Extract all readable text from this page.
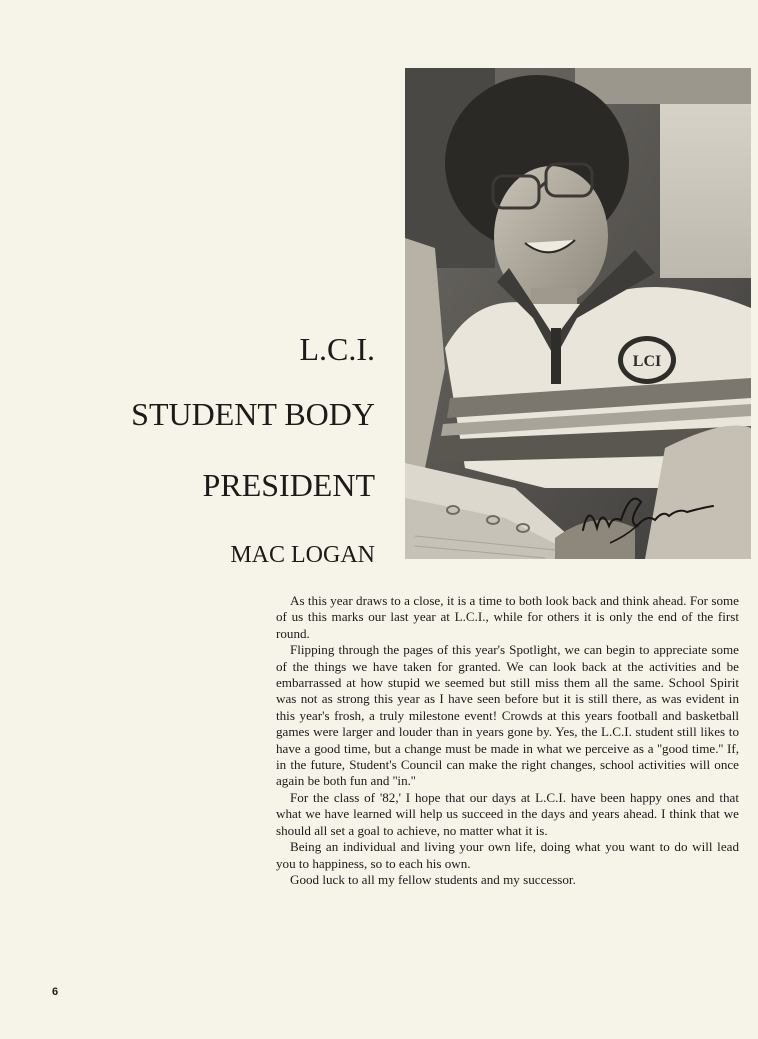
L.C.I.
STUDENT BODY
PRESIDENT
MAC LOGAN
LCI

As this year draws to a close, it is a time to both look back and think ahead. For some of us this marks our last year at L.C.I., while for others it is only the end of the first round.

Flipping through the pages of this year's Spotlight, we can begin to appreciate some of the things we have taken for granted. We can look back at the activities and be embarrassed at how stupid we seemed but still miss them all the same. School Spirit was not as strong this year as I have seen before but it is still there, as was evident in this year's frosh, a truly milestone event! Crowds at this years football and basketball games were larger and louder than in years gone by. Yes, the L.C.I. student still likes to have a good time, but a change must be made in what we perceive as a ''good time.'' If, in the future, Student's Council can make the right changes, school activities will once again be both fun and ''in.''

For the class of '82,' I hope that our days at L.C.I. have been happy ones and that what we have learned will help us succeed in the days and years ahead. I think that we should all set a goal to achieve, no matter what it is.

Being an individual and living your own life, doing what you want to do will lead you to happiness, so to each his own.

Good luck to all my fellow students and my successor.

6
